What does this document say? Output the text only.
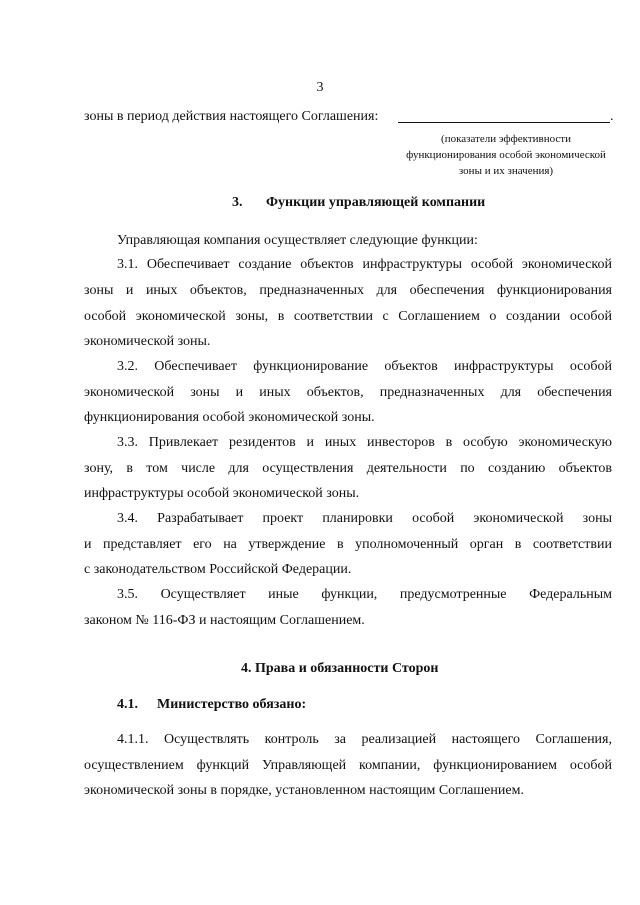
3
зоны в период действия настоящего Соглашения:	.
(показатели эффективности
функционирования особой экономической
зоны и их значения)
3. Функции управляющей компании
Управляющая компания осуществляет следующие функции:
3.1. Обеспечивает создание объектов инфраструктуры особой экономической
зоны и иных объектов, предназначенных для обеспечения функционирования
особой экономической зоны, в соответствии с Соглашением о создании особой
экономической зоны.
3.2. Обеспечивает функционирование объектов инфраструктуры особой
экономической зоны и иных объектов, предназначенных для обеспечения
функционирования особой экономической зоны.
3.3. Привлекает резидентов и иных инвесторов в особую экономическую
зону, в том числе для осуществления деятельности по созданию объектов
инфраструктуры особой экономической зоны.
3.4. Разрабатывает проект планировки особой экономической зоны
и представляет его на утверждение в уполномоченный орган в соответствии
с законодательством Российской Федерации.
3.5. Осуществляет иные функции, предусмотренные Федеральным
законом № 116-ФЗ и настоящим Соглашением.
4. Права и обязанности Сторон
4.1. Министерство обязано:
4.1.1. Осуществлять контроль за реализацией настоящего Соглашения,
осуществлением функций Управляющей компании, функционированием особой
экономической зоны в порядке, установленном настоящим Соглашением.
